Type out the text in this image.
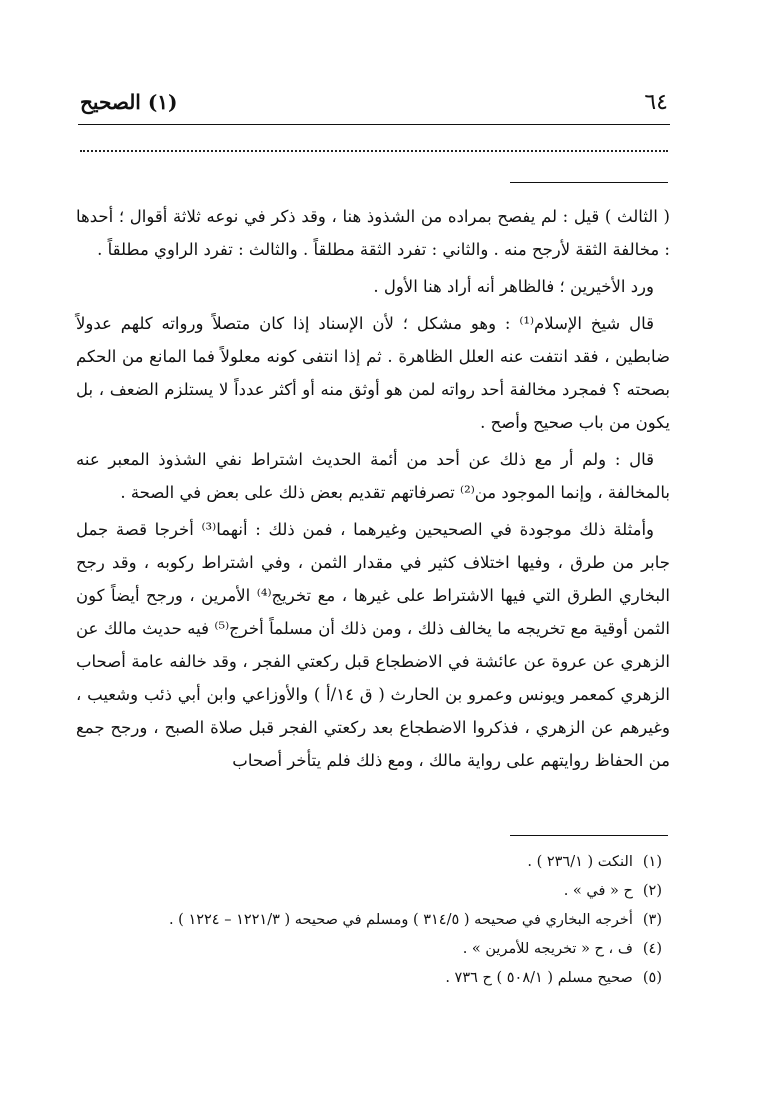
٦٤
(١) الصحيح

( الثالث ) قيل : لم يفصح بمراده من الشذوذ هنا ، وقد ذكر في نوعه ثلاثة أقوال ؛ أحدها : مخالفة الثقة لأرجح منه . والثاني : تفرد الثقة مطلقاً . والثالث : تفرد الراوي مطلقاً .

ورد الأخيرين ؛ فالظاهر أنه أراد هنا الأول .

قال شيخ الإسلام⁽¹⁾ : وهو مشكل ؛ لأن الإسناد إذا كان متصلاً ورواته كلهم عدولاً ضابطين ، فقد انتفت عنه العلل الظاهرة . ثم إذا انتفى كونه معلولاً فما المانع من الحكم بصحته ؟ فمجرد مخالفة أحد رواته لمن هو أوثق منه أو أكثر عدداً لا يستلزم الضعف ، بل يكون من باب صحيح وأصح .

قال : ولم أر مع ذلك عن أحد من أئمة الحديث اشتراط نفي الشذوذ المعبر عنه بالمخالفة ، وإنما الموجود من⁽²⁾ تصرفاتهم تقديم بعض ذلك على بعض في الصحة .

وأمثلة ذلك موجودة في الصحيحين وغيرهما ، فمن ذلك : أنهما⁽³⁾ أخرجا قصة جمل جابر من طرق ، وفيها اختلاف كثير في مقدار الثمن ، وفي اشتراط ركوبه ، وقد رجح البخاري الطرق التي فيها الاشتراط على غيرها ، مع تخريج⁽⁴⁾ الأمرين ، ورجح أيضاً كون الثمن أوقية مع تخريجه ما يخالف ذلك ، ومن ذلك أن مسلماً أخرج⁽⁵⁾ فيه حديث مالك عن الزهري عن عروة عن عائشة في الاضطجاع قبل ركعتي الفجر ، وقد خالفه عامة أصحاب الزهري كمعمر ويونس وعمرو بن الحارث ( ق ١٤/أ ) والأوزاعي وابن أبي ذئب وشعيب ، وغيرهم عن الزهري ، فذكروا الاضطجاع بعد ركعتي الفجر قبل صلاة الصبح ، ورجح جمع من الحفاظ روايتهم على رواية مالك ، ومع ذلك فلم يتأخر أصحاب

(١)
النكت ( ٢٣٦/١ ) .
(٢)
ح « في » .
(٣)
أخرجه البخاري في صحيحه ( ٣١٤/٥ ) ومسلم في صحيحه ( ١٢٢١/٣ – ١٢٢٤ ) .
(٤)
ف ، ح « تخريجه للأمرين » .
(٥)
صحيح مسلم ( ٥٠٨/١ ) ح ٧٣٦ .
